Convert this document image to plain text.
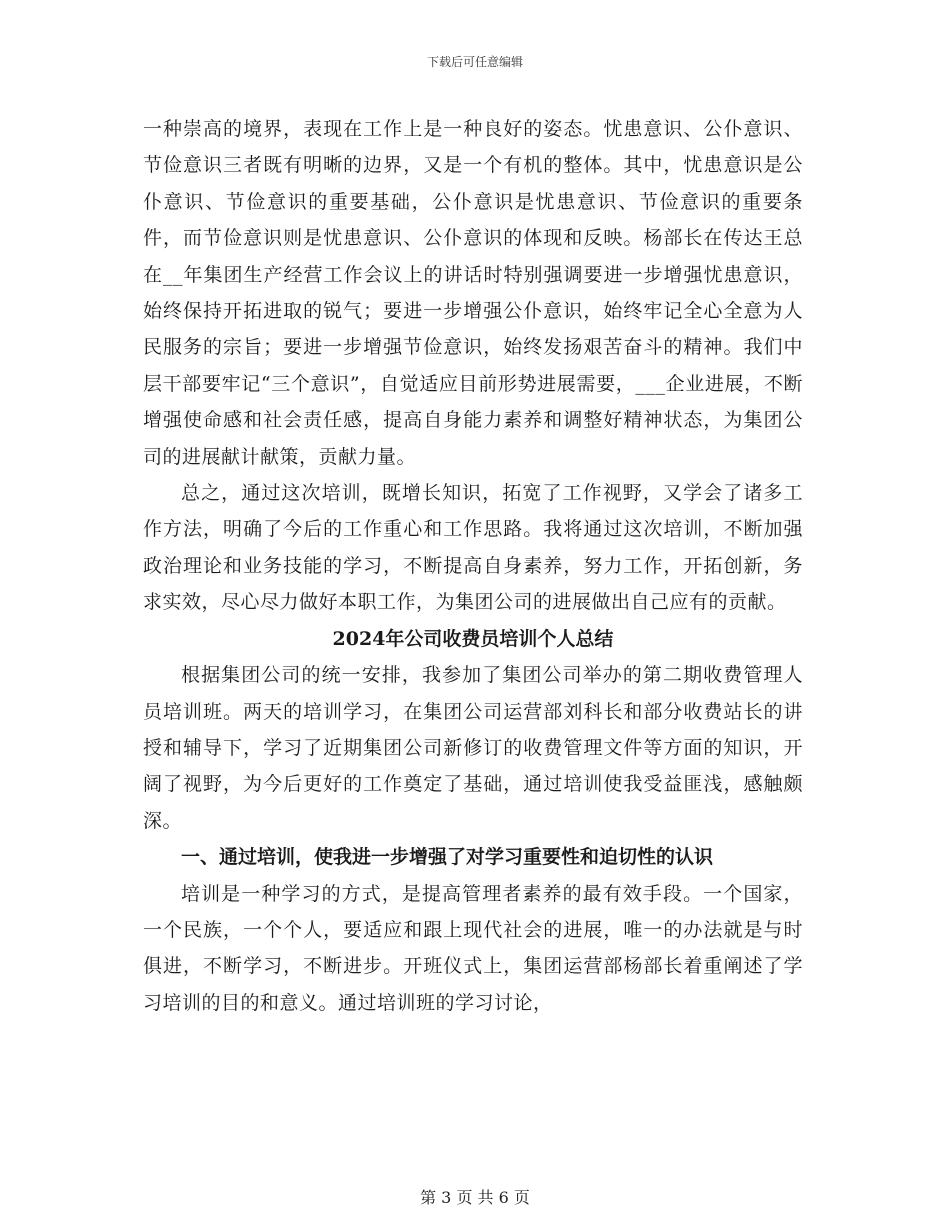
下载后可任意编辑

一种崇高的境界，表现在工作上是一种良好的姿态。忧患意识、公仆意识、节俭意识三者既有明晰的边界，又是一个有机的整体。其中，忧患意识是公仆意识、节俭意识的重要基础，公仆意识是忧患意识、节俭意识的重要条件，而节俭意识则是忧患意识、公仆意识的体现和反映。杨部长在传达王总在__年集团生产经营工作会议上的讲话时特别强调要进一步增强忧患意识，始终保持开拓进取的锐气；要进一步增强公仆意识，始终牢记全心全意为人民服务的宗旨；要进一步增强节俭意识，始终发扬艰苦奋斗的精神。我们中层干部要牢记“三个意识”，自觉适应目前形势进展需要，___企业进展，不断增强使命感和社会责任感，提高自身能力素养和调整好精神状态，为集团公司的进展献计献策，贡献力量。

总之，通过这次培训，既增长知识，拓宽了工作视野，又学会了诸多工作方法，明确了今后的工作重心和工作思路。我将通过这次培训，不断加强政治理论和业务技能的学习，不断提高自身素养，努力工作，开拓创新，务求实效，尽心尽力做好本职工作，为集团公司的进展做出自己应有的贡献。

2024年公司收费员培训个人总结

根据集团公司的统一安排，我参加了集团公司举办的第二期收费管理人员培训班。两天的培训学习，在集团公司运营部刘科长和部分收费站长的讲授和辅导下，学习了近期集团公司新修订的收费管理文件等方面的知识，开阔了视野，为今后更好的工作奠定了基础，通过培训使我受益匪浅，感触颇深。

一、通过培训，使我进一步增强了对学习重要性和迫切性的认识

培训是一种学习的方式，是提高管理者素养的最有效手段。一个国家，一个民族，一个个人，要适应和跟上现代社会的进展，唯一的办法就是与时俱进，不断学习，不断进步。开班仪式上，集团运营部杨部长着重阐述了学习培训的目的和意义。通过培训班的学习讨论，

第 3 页 共 6 页
